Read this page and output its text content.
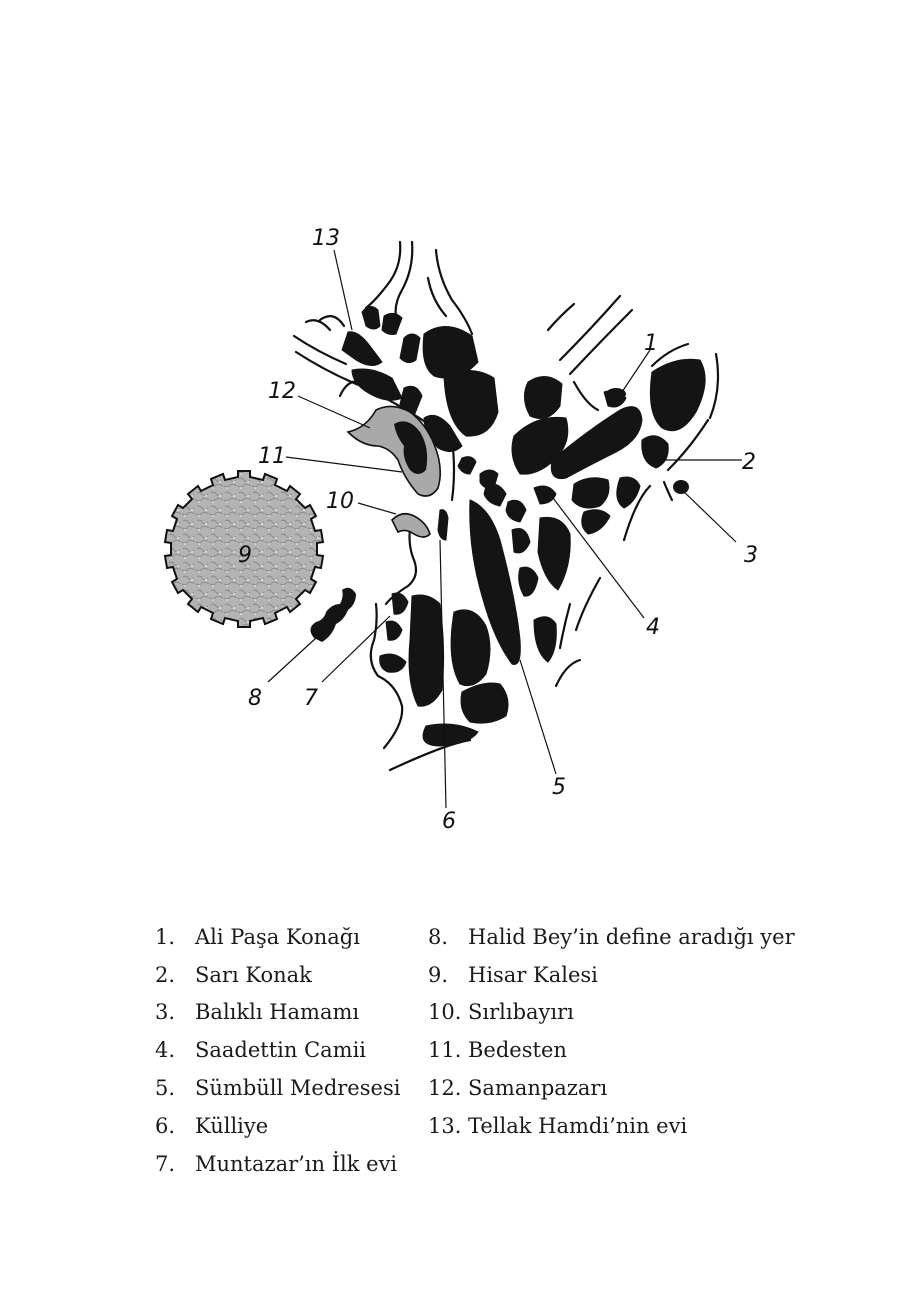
13
12
11
10
9
8 7
6
5
4
3
2
1
1. Ali Paşa Konağı
2. Sarı Konak
3. Balıklı Hamamı
4. Saadettin Camii
5. Sümbüll Medresesi
6. Külliye
7. Muntazar’ın İlk evi
8. Halid Bey’in define aradığı yer
9. Hisar Kalesi
10. Sırlıbayırı
11. Bedesten
12. Samanpazarı
13. Tellak Hamdi’nin evi
